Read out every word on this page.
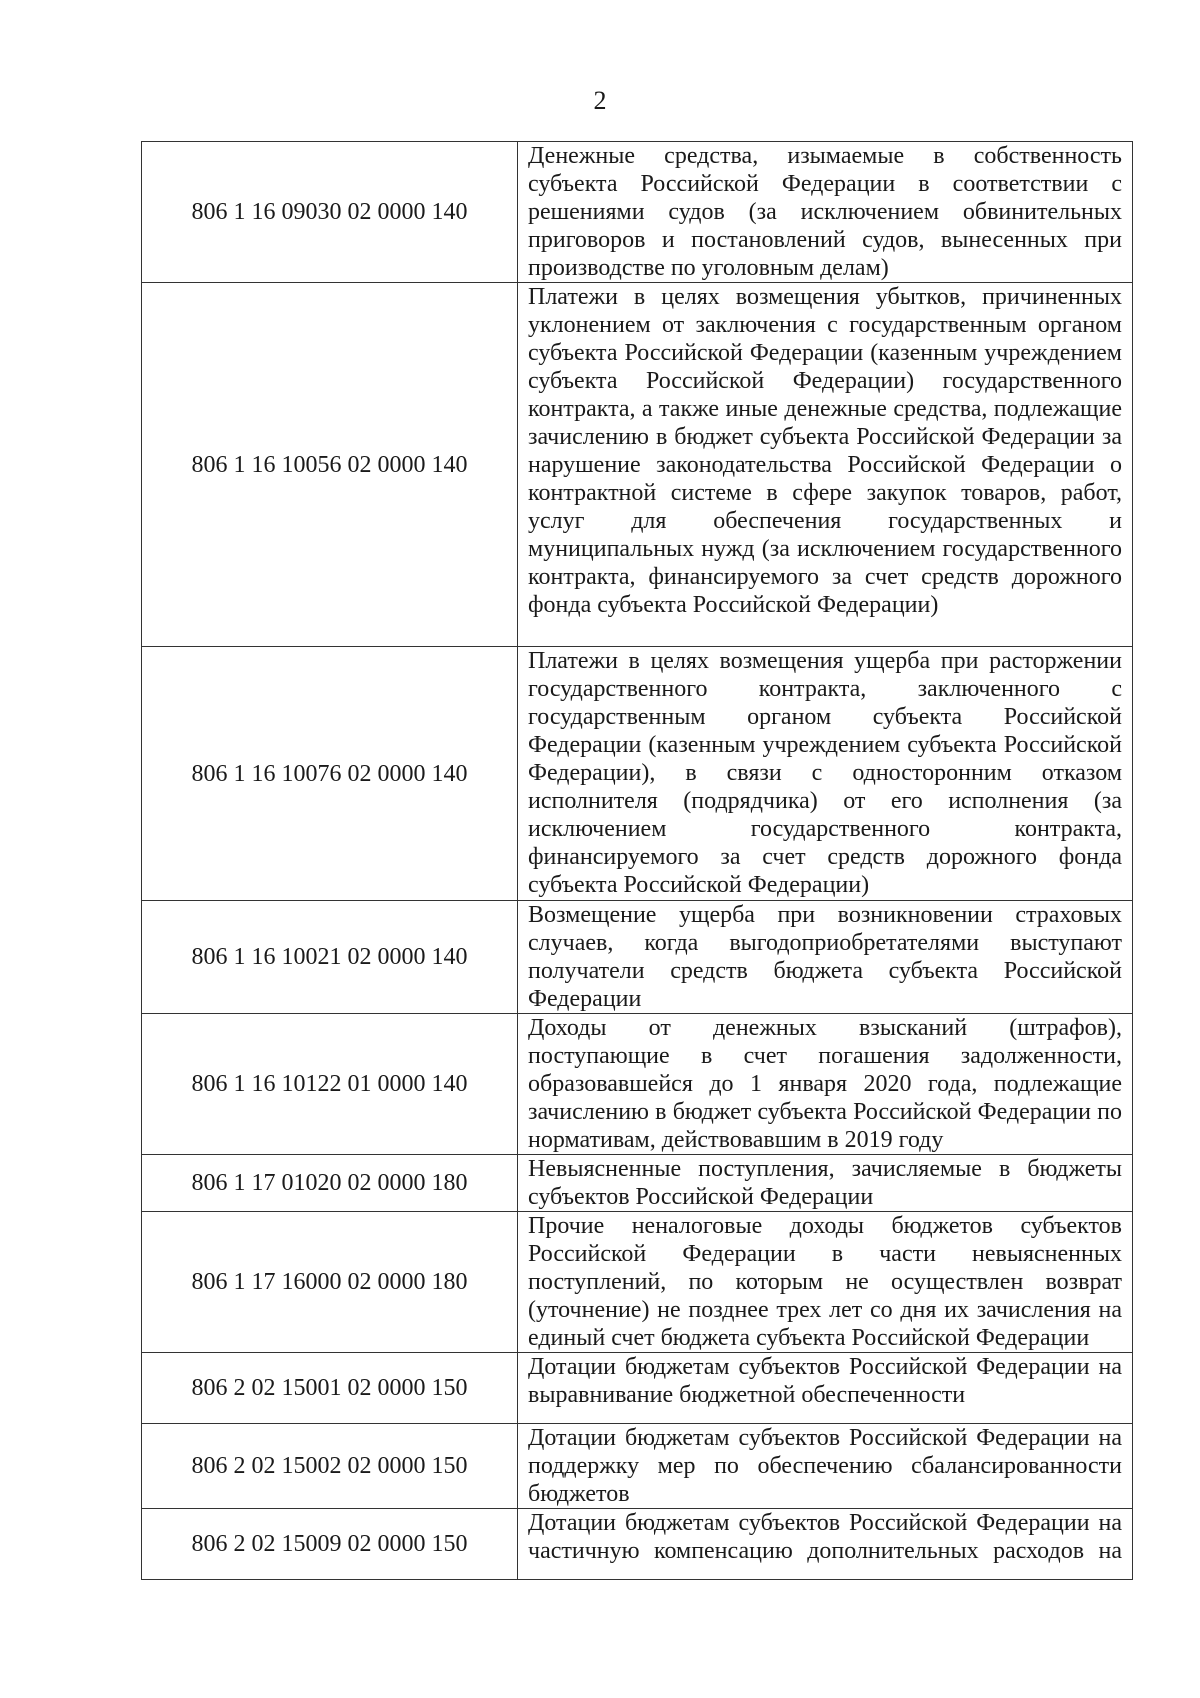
2
806 1 16 09030 02 0000 140	Денежные средства, изымаемые в собственность субъекта Российской Федерации в соответствии с решениями судов (за исключением обвинительных приговоров и постановлений судов, вынесенных при производстве по уголовным делам)
806 1 16 10056 02 0000 140	Платежи в целях возмещения убытков, причиненных уклонением от заключения с государственным органом субъекта Российской Федерации (казенным учреждением субъекта Российской Федерации) государственного контракта, а также иные денежные средства, подлежащие зачислению в бюджет субъекта Российской Федерации за нарушение законодательства Российской Федерации о контрактной системе в сфере закупок товаров, работ, услуг для обеспечения государственных и муниципальных нужд (за исключением государственного контракта, финансируемого за счет средств дорожного фонда субъекта Российской Федерации)
806 1 16 10076 02 0000 140	Платежи в целях возмещения ущерба при расторжении государственного контракта, заключенного с государственным органом субъекта Российской Федерации (казенным учреждением субъекта Российской Федерации), в связи с односторонним отказом исполнителя (подрядчика) от его исполнения (за исключением государственного контракта, финансируемого за счет средств дорожного фонда субъекта Российской Федерации)
806 1 16 10021 02 0000 140	Возмещение ущерба при возникновении страховых случаев, когда выгодоприобретателями выступают получатели средств бюджета субъекта Российской Федерации
806 1 16 10122 01 0000 140	Доходы от денежных взысканий (штрафов), поступающие в счет погашения задолженности, образовавшейся до 1 января 2020 года, подлежащие зачислению в бюджет субъекта Российской Федерации по нормативам, действовавшим в 2019 году
806 1 17 01020 02 0000 180	Невыясненные поступления, зачисляемые в бюджеты субъектов Российской Федерации
806 1 17 16000 02 0000 180	Прочие неналоговые доходы бюджетов субъектов Российской Федерации в части невыясненных поступлений, по которым не осуществлен возврат (уточнение) не позднее трех лет со дня их зачисления на единый счет бюджета субъекта Российской Федерации
806 2 02 15001 02 0000 150	Дотации бюджетам субъектов Российской Федерации на выравнивание бюджетной обеспеченности
806 2 02 15002 02 0000 150	Дотации бюджетам субъектов Российской Федерации на поддержку мер по обеспечению сбалансированности бюджетов
806 2 02 15009 02 0000 150	Дотации бюджетам субъектов Российской Федерации на частичную компенсацию дополнительных расходов на
